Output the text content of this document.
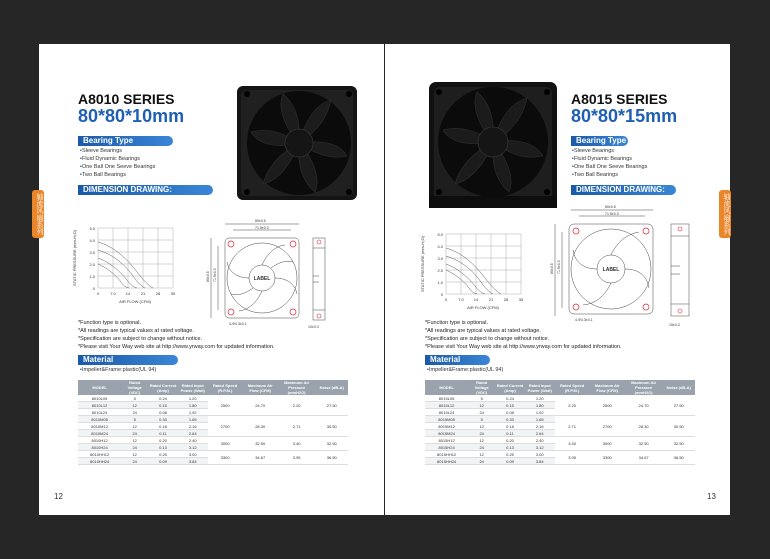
A8010 SERIES
80*80*10mm
Bearing Type
▪ Sleeve Bearings
▪ Fluid Dynamic Bearings
▪ One Ball One Seeve Bearings
▪ Two Ball Bearings
DIMENSION DRAWING:
5.0
4.0
3.0
2.0
1.0
0
0	7.0 14	21	28	35
AIR FLOW (CFM)
STATIC PRESSURE (mm-H₂O)
80±0.5
71.5±0.3
4-Φ4.3±0.1
80±0.5 71.5±0.3	LABEL
10±0.3
*Function type is optional.
*All readings are typical values at rated voltage.
*Specification are subject to change without notice.
*Please visit Your Way web site at http://www.yrway.com for updated information.
Material
▪ Impeller&Frame:plastic(UL 94)
MODEL	Rated Voltage (VDC)	Rated Current (Amp)	Rated Input Power (Watt)	Rated Speed (R.P.M.)	Maximum Air Flow (CFM)	Maximum Air Pressure (mmH2O)	Noise (dB-A)
8010L05	5	0.24	1.20	2500	24.70	2.20	27.50
8010L12	12	0.15	1.80				
8010L24	24	0.08	1.92				
8010M05	5	0.33	1.65	2700	28.30	2.71	30.50
8010M12	12	0.18	2.16				
8010M24	24	0.11	2.64				
8010H12	12	0.20	2.40	3000	32.50	3.40	32.50
8010H24	24	0.13	3.12				
8010HH12	12	0.25	3.00	3300	34.67	3.95	36.50
8010HH24	24	0.09	3.84				
12
轴流风扇系列
A8015 SERIES
80*80*15mm
Bearing Type
▪ Sleeve Bearings
▪ Fluid Dynamic Bearings
▪ One Ball One Seeve Bearings
▪ Two Ball Bearings
DIMENSION DRAWING:
5.0
4.0
3.0
2.0
1.0
0
0	7.0 14	21	28	35
AIR FLOW (CFM)
STATIC PRESSURE (mm-H₂O)
80±0.5
71.5±0.3
4-Φ4.3±0.1
80±0.5 71.5±0.3	LABEL
15±0.3
*Function type is optional.
*All readings are typical values at rated voltage.
*Specification are subject to change without notice.
*Please visit Your Way web site at http://www.yrway.com for updated information.
Material
▪ Impeller&Frame:plastic(UL 94)
MODEL	Rated Voltage (VDC)	Rated Current (Amp)	Rated Input Power (Watt)	Rated Speed (R.P.M.)	Maximum Air Flow (CFM)	Maximum Air Pressure (mmH2O)	Noise (dB-A)
8015L05	5	0.24	1.20	2.20	2500	24.70	27.50
8015L12	12	0.15	1.80				
8015L24	24	0.08	1.92				
8015M05	5	0.33	1.65	2.71	2700	28.30	30.50
8015M12	12	0.18	2.16				
8015M24	24	0.11	2.64				
8015H12	12	0.20	2.40	3.40	3000	32.50	32.50
8015H24	24	0.13	3.12				
8015HH12	12	0.25	3.00	3.95	3300	34.67	36.50
8015HH24	24	0.09	3.84				
13
轴流风扇系列
